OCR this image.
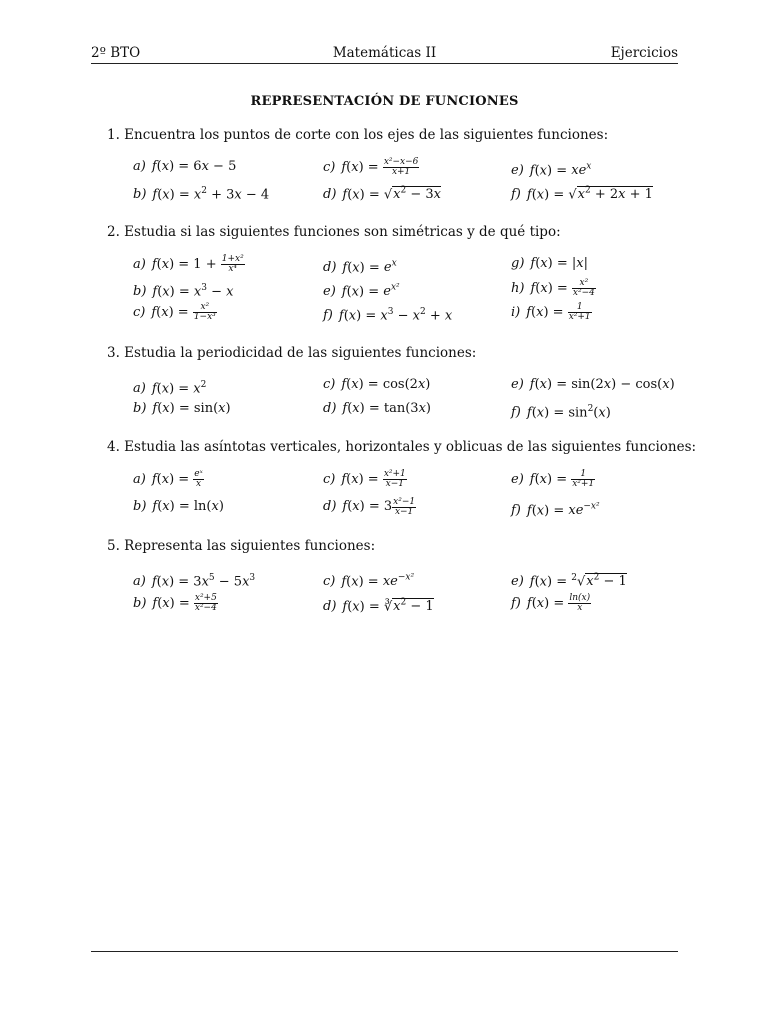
2º BTO	Matemáticas II	Ejercicios
REPRESENTACIÓN DE FUNCIONES
1. Encuentra los puntos de corte con los ejes de las siguientes funciones:
a) f(x) = 6x − 5
b) $f(x) = x^2 + 3x - 4$
c) $f(x) = \frac{\text{x²−x−6}}{x+1}$
d) $f(x) = √x^2 - 3x$
e) $f(x) = xe^x$
f) $f(x) = √x^2 + 2x + 1$
2. Estudia si las siguientes funciones son simétricas y de qué tipo:
a) $f(x) = 1 + \frac{\text{1+x²}}{\text{x⁴}}$
b) $f(x) = x^3 - x$
c) $f(x) = \frac{\text{x²}}{\text{1−x³}}$
d) $f(x) = e^x$
e) $f(x) = e^{x^2}$
f) $f(x) = x^3 - x^2 + x$
g) f(x) = |x|
h) $f(x) = \frac{\text{x²}}{\text{x²−4}}$
i) $f(x) = \frac{1}{\text{x²+1}}$
3. Estudia la periodicidad de las siguientes funciones:
a) $f(x) = x^2$
b) f(x) = sin(x)
c) f(x) = cos(2x)
d) f(x) = tan(3x)
e) f(x) = sin(2x) − cos(x)
f) $f(x) = \sin^2(x)$
4. Estudia las asíntotas verticales, horizontales y oblicuas de las siguientes funciones:
a) $f(x) = \frac{\text{eˣ}}{x}$
b) f(x) = ln(x)
c) $f(x) = \frac{\text{x²+1}}{x-1}$
d) $f(x) = 3 \frac{\text{x²−1}}{x-1}$
e) $f(x) = \frac{1}{\text{x²+1}}$
f) $f(x) = xe^{-x^2}$
5. Representa las siguientes funciones:
a) $f(x) = 3x^5 - 5x^3$
b) $f(x) = \frac{\text{x²+5}}{\text{x²−4}}$
c) $f(x) = xe^{-x^2}$
d) $f(x) = ∛x^2 - 1$
e) $f(x) = ^2√x^2 - 1$
f) $f(x) = \frac{\ln(x)}{x}$
